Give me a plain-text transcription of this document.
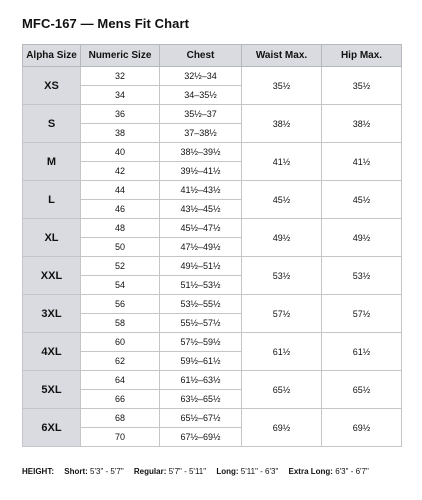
MFC-167 — Mens Fit Chart
Alpha Size	Numeric Size	Chest	Waist Max.	Hip Max.
XS	32	32½–34	35½	35½
	34	34–35½		
S	36	35½–37	38½	38½
	38	37–38½		
M	40	38½–39½	41½	41½
	42	39½–41½		
L	44	41½–43½	45½	45½
	46	43½–45½		
XL	48	45½–47½	49½	49½
	50	47½–49½		
XXL	52	49½–51½	53½	53½
	54	51½–53½		
3XL	56	53½–55½	57½	57½
	58	55½–57½		
4XL	60	57½–59½	61½	61½
	62	59½–61½		
5XL	64	61½–63½	65½	65½
	66	63½–65½		
6XL	68	65½–67½	69½	69½
	70	67½–69½		
HEIGHT: Short: 5'3" - 5'7" Regular: 5'7" - 5'11" Long: 5'11" - 6'3" Extra Long: 6'3" - 6'7"
